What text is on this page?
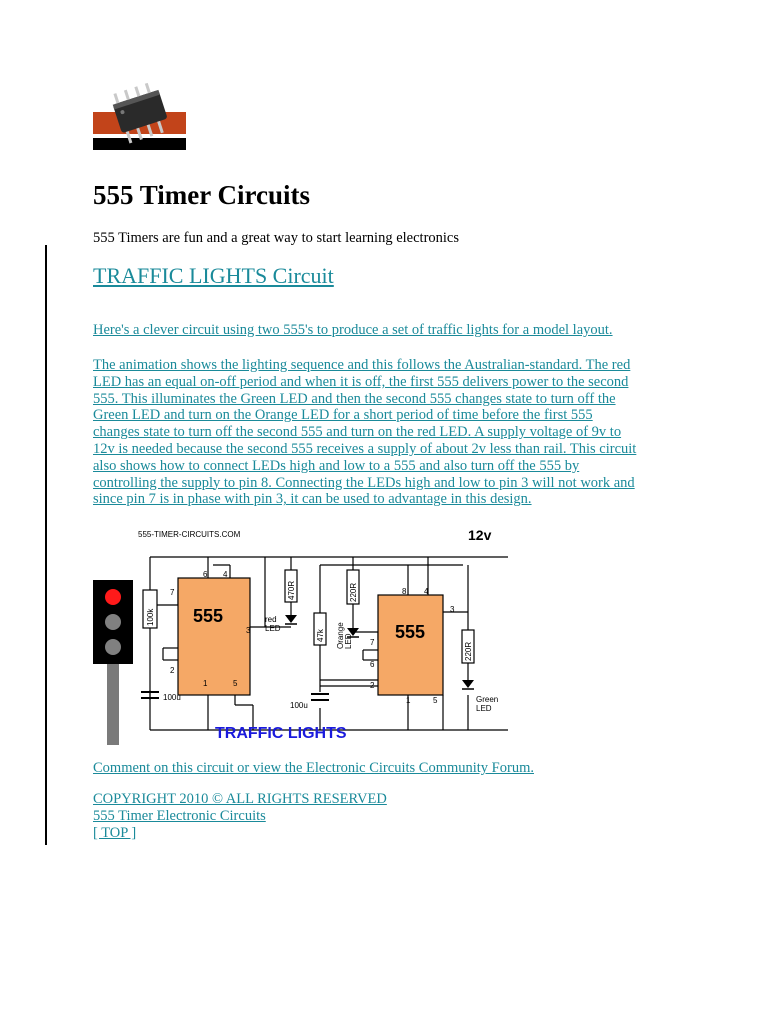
555 Timer Circuits
555 Timers are fun and a great way to start learning electronics
TRAFFIC LIGHTS Circuit
Here's a clever circuit using two 555's to produce a set of traffic lights for a model layout.
The animation shows the lighting sequence and this follows the Australian-standard. The red
LED has an equal on-off period and when it is off, the first 555 delivers power to the second
555. This illuminates the Green LED and then the second 555 changes state to turn off the
Green LED and turn on the Orange LED for a short period of time before the first 555
changes state to turn off the second 555 and turn on the red LED. A supply voltage of 9v to
12v is needed because the second 555 receives a supply of about 2v less than rail. This circuit
also shows how to connect LEDs high and low to a 555 and also turn off the 555 by
controlling the supply to pin 8. Connecting the LEDs high and low to pin 3 will not work and
since pin 7 is in phase with pin 3, it can be used to advantage in this design.
555-TIMER-CIRCUITS.COM	12v
555
555
TRAFFIC LIGHTS
100k
470R	220R
47k
220R
100u
100u
red
LED	Orange LED
Green
LED
6 4
7
3
2
1	5
8 4
3
6
7
2
1	5
Comment on this circuit or view the Electronic Circuits Community Forum.
COPYRIGHT 2010 © ALL RIGHTS RESERVED
555 Timer Electronic Circuits
[ TOP ]
